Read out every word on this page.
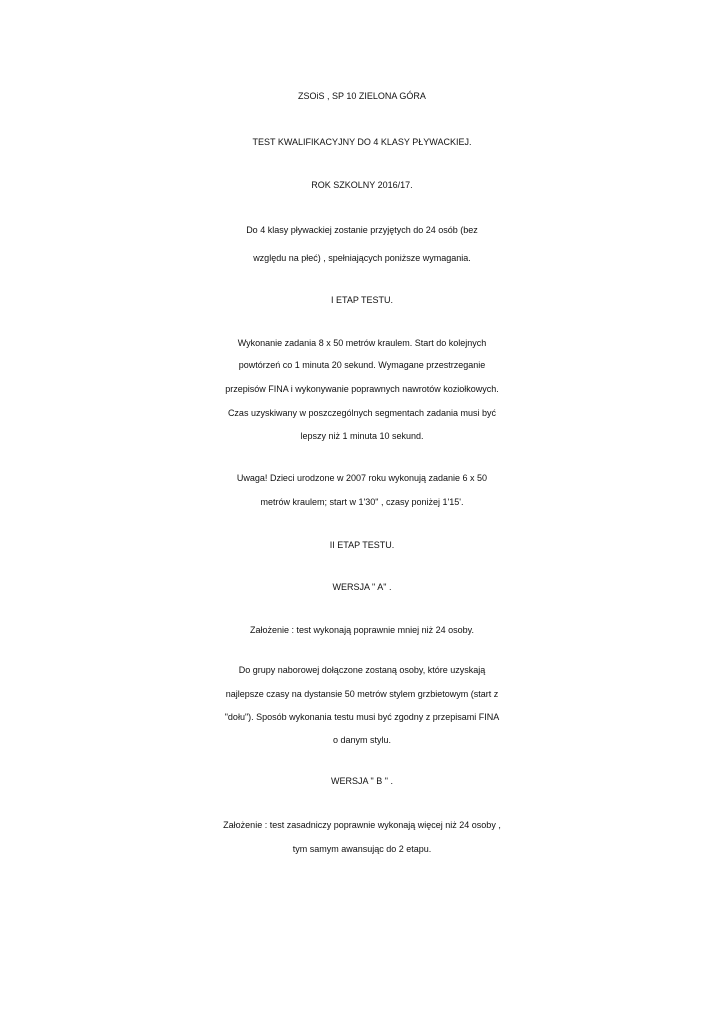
ZSOiS , SP 10 ZIELONA GÓRA
TEST KWALIFIKACYJNY DO 4 KLASY PŁYWACKIEJ.
ROK SZKOLNY 2016/17.
Do 4 klasy pływackiej zostanie przyjętych do 24 osób (bez
względu na płeć) , spełniających poniższe wymagania.
I ETAP TESTU.
Wykonanie zadania 8 x 50 metrów kraulem. Start do kolejnych
powtórzeń co 1 minuta 20 sekund. Wymagane przestrzeganie
przepisów FINA i wykonywanie poprawnych nawrotów koziołkowych.
Czas uzyskiwany w poszczególnych segmentach zadania musi być
lepszy niż 1 minuta 10 sekund.
Uwaga! Dzieci urodzone w 2007 roku wykonują zadanie 6 x 50
metrów kraulem; start w 1'30" , czasy poniżej 1'15'.
II ETAP TESTU.
WERSJA " A" .
Założenie : test wykonają poprawnie mniej niż 24 osoby.
Do grupy naborowej dołączone zostaną osoby, które uzyskają
najlepsze czasy na dystansie 50 metrów stylem grzbietowym (start z
"dołu"). Sposób wykonania testu musi być zgodny z przepisami FINA
o danym stylu.
WERSJA " B " .
Założenie : test zasadniczy poprawnie wykonają więcej niż 24 osoby ,
tym samym awansując do 2 etapu.
